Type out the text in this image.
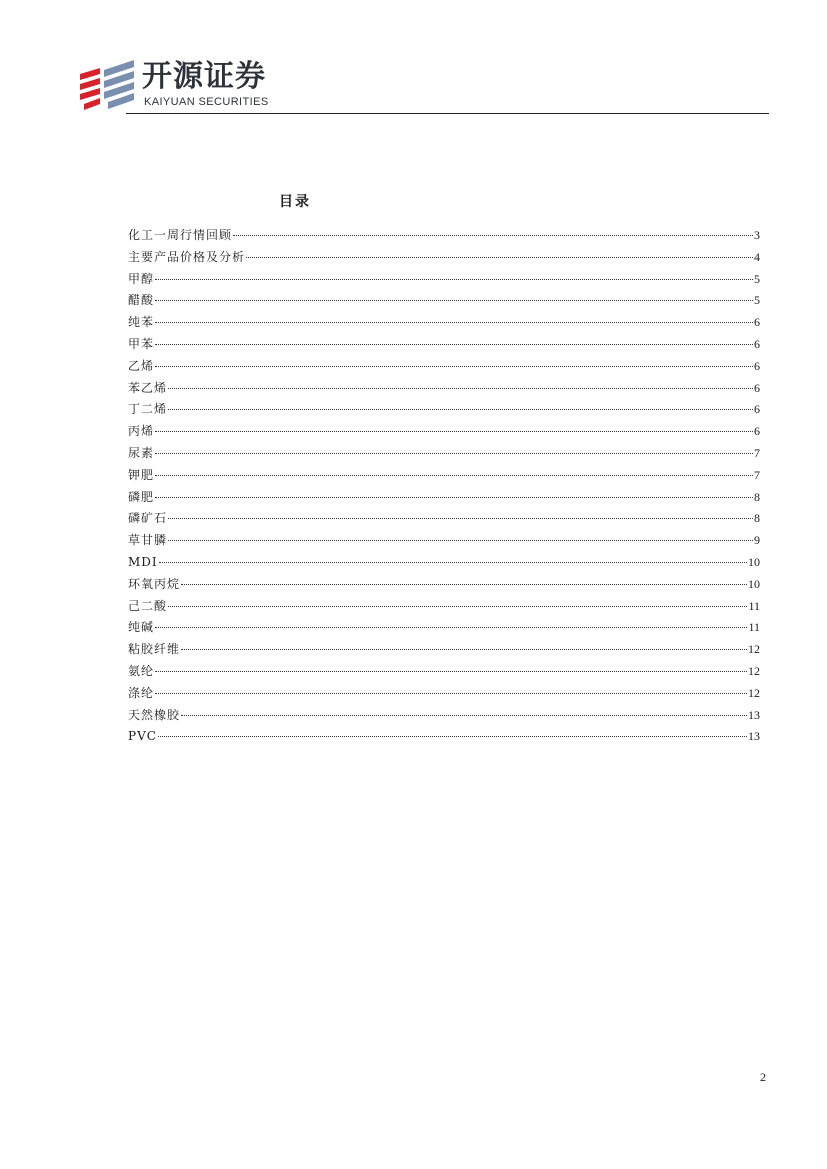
开源证券
KAIYUAN SECURITIES
目录
化工一周行情回顾	3
主要产品价格及分析	4
甲醇	5
醋酸	5
纯苯	6
甲苯	6
乙烯	6
苯乙烯	6
丁二烯	6
丙烯	6
尿素	7
钾肥	7
磷肥	8
磷矿石	8
草甘膦	9
MDI	10
环氧丙烷	10
己二酸	11
纯碱	11
粘胶纤维	12
氨纶	12
涤纶	12
天然橡胶	13
PVC	13
2
